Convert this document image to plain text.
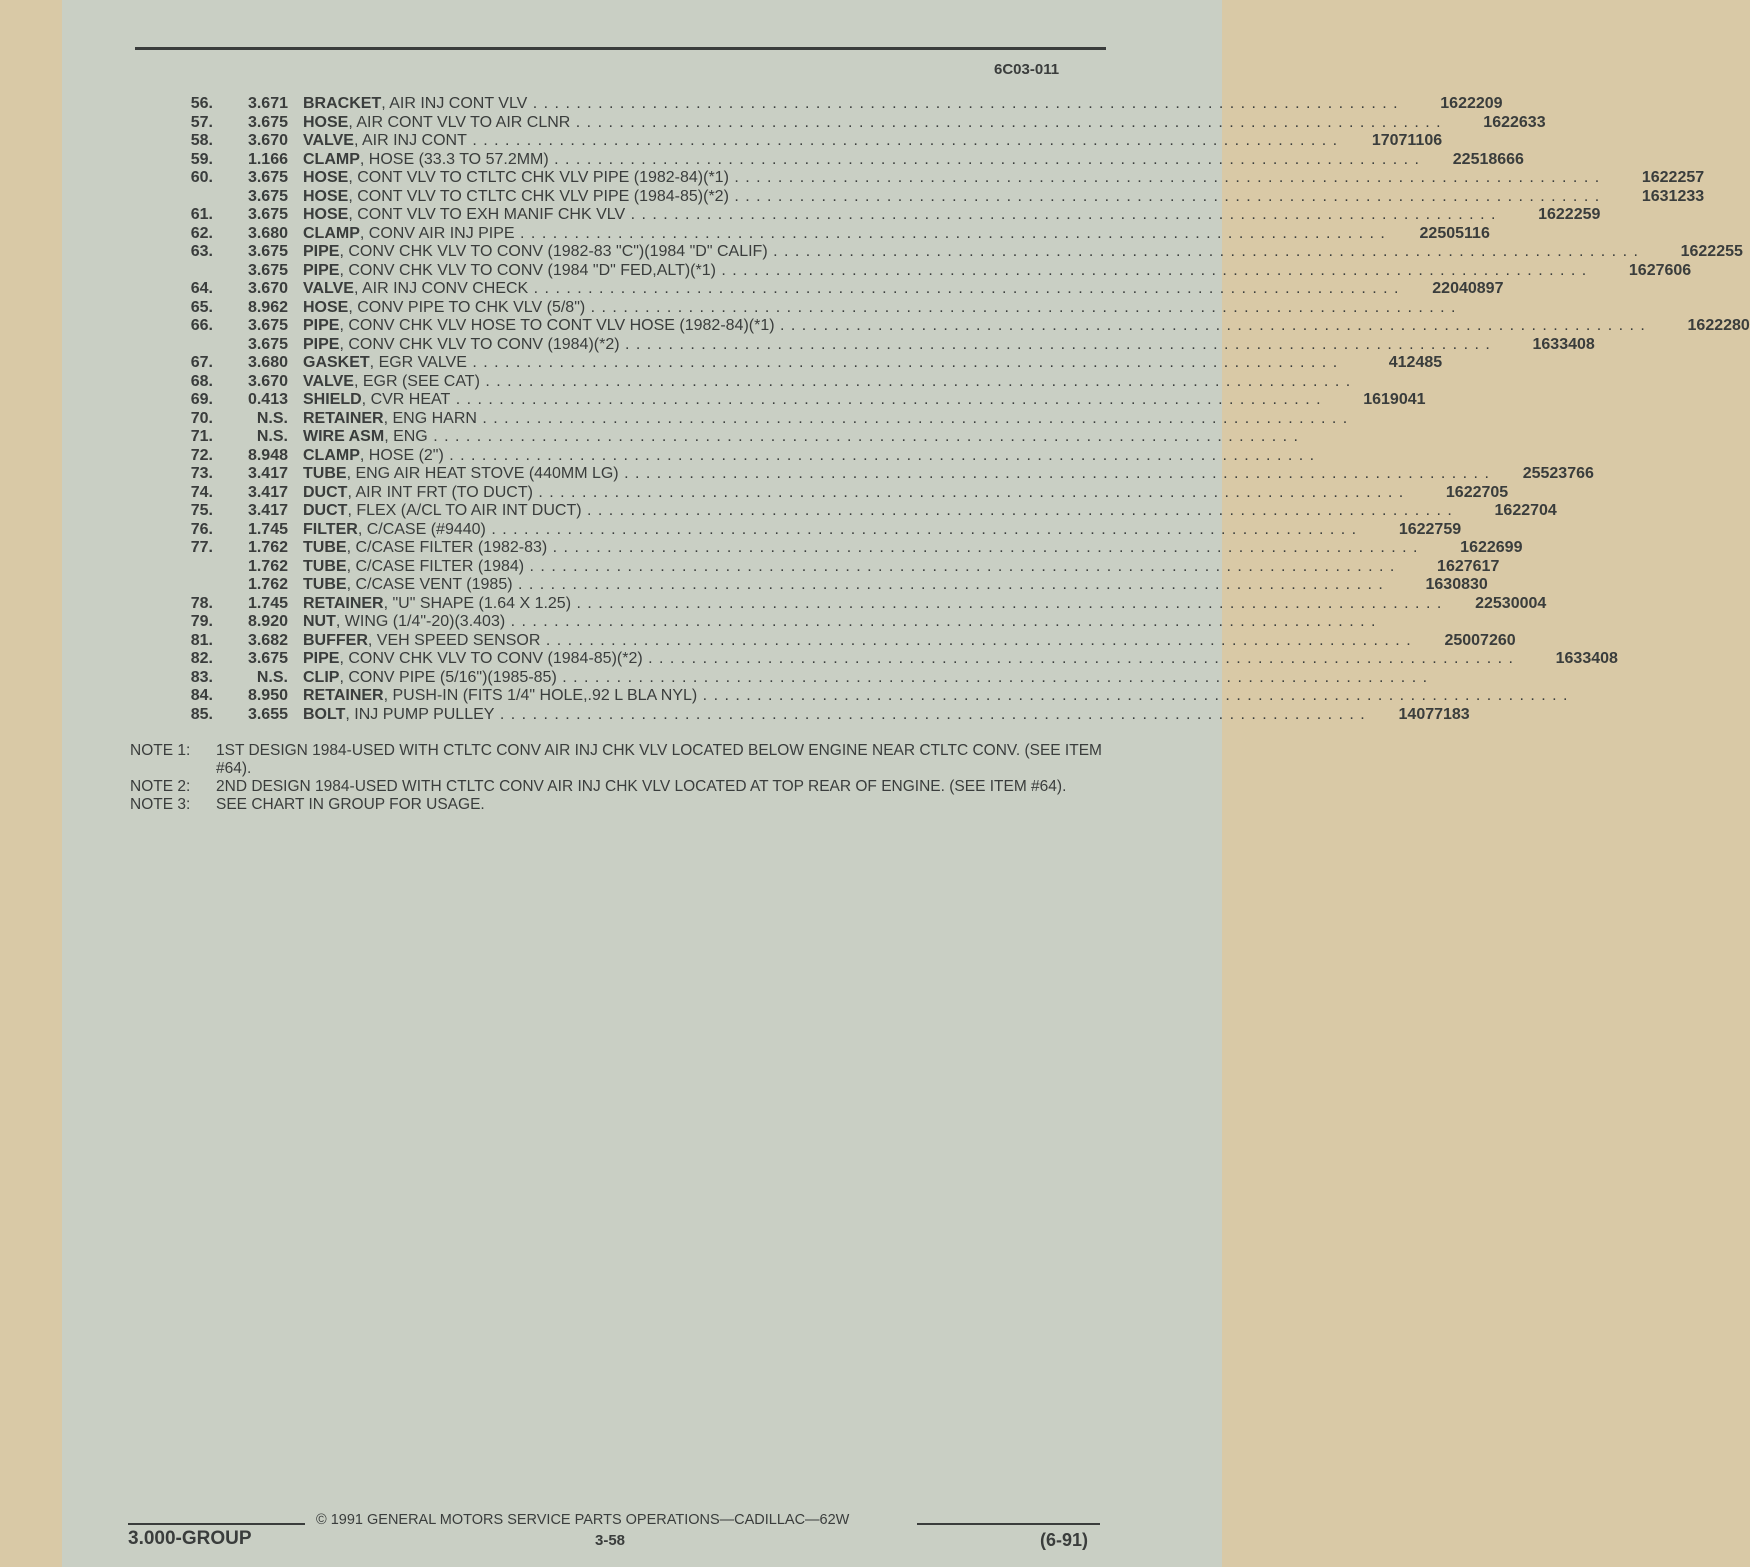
6C03-011
56.	3.671 BRACKET, AIR INJ CONT VLV . . . . . . . . . . . . . . . . . . . . . . . . . . . . . . . . . . . . . . . . . . . . . . . . . . . . . . . . . . . . . . . . . . . . . . . . . . . . . . . .	1622209
57.	3.675 HOSE, AIR CONT VLV TO AIR CLNR . . . . . . . . . . . . . . . . . . . . . . . . . . . . . . . . . . . . . . . . . . . . . . . . . . . . . . . . . . . . . . . . . . . . . . . . . . . . . . . .	1622633
58.	3.670 VALVE, AIR INJ CONT . . . . . . . . . . . . . . . . . . . . . . . . . . . . . . . . . . . . . . . . . . . . . . . . . . . . . . . . . . . . . . . . . . . . . . . . . . . . . . . .	17071106
59.	1.166 CLAMP, HOSE (33.3 TO 57.2MM) . . . . . . . . . . . . . . . . . . . . . . . . . . . . . . . . . . . . . . . . . . . . . . . . . . . . . . . . . . . . . . . . . . . . . . . . . . . . . . . .	22518666
60.	3.675 HOSE, CONT VLV TO CTLTC CHK VLV PIPE (1982-84)(*1) . . . . . . . . . . . . . . . . . . . . . . . . . . . . . . . . . . . . . . . . . . . . . . . . . . . . . . . . . . . . . . . . . . . . . . . . . . . . . . . .	1622257
3.675 HOSE, CONT VLV TO CTLTC CHK VLV PIPE (1984-85)(*2) . . . . . . . . . . . . . . . . . . . . . . . . . . . . . . . . . . . . . . . . . . . . . . . . . . . . . . . . . . . . . . . . . . . . . . . . . . . . . . . .	1631233
61.	3.675 HOSE, CONT VLV TO EXH MANIF CHK VLV . . . . . . . . . . . . . . . . . . . . . . . . . . . . . . . . . . . . . . . . . . . . . . . . . . . . . . . . . . . . . . . . . . . . . . . . . . . . . . . .	1622259
62.	3.680 CLAMP, CONV AIR INJ PIPE . . . . . . . . . . . . . . . . . . . . . . . . . . . . . . . . . . . . . . . . . . . . . . . . . . . . . . . . . . . . . . . . . . . . . . . . . . . . . . . .	22505116
63.	3.675 PIPE, CONV CHK VLV TO CONV (1982-83 "C")(1984 "D" CALIF) . . . . . . . . . . . . . . . . . . . . . . . . . . . . . . . . . . . . . . . . . . . . . . . . . . . . . . . . . . . . . . . . . . . . . . . . . . . . . . . .	1622255
3.675 PIPE, CONV CHK VLV TO CONV (1984 "D" FED,ALT)(*1) . . . . . . . . . . . . . . . . . . . . . . . . . . . . . . . . . . . . . . . . . . . . . . . . . . . . . . . . . . . . . . . . . . . . . . . . . . . . . . . .	1627606
64.	3.670 VALVE, AIR INJ CONV CHECK . . . . . . . . . . . . . . . . . . . . . . . . . . . . . . . . . . . . . . . . . . . . . . . . . . . . . . . . . . . . . . . . . . . . . . . . . . . . . . . .	22040897
65.	8.962 HOSE, CONV PIPE TO CHK VLV (5/8") . . . . . . . . . . . . . . . . . . . . . . . . . . . . . . . . . . . . . . . . . . . . . . . . . . . . . . . . . . . . . . . . . . . . . . . . . . . . . . . .
66.	3.675 PIPE, CONV CHK VLV HOSE TO CONT VLV HOSE (1982-84)(*1) . . . . . . . . . . . . . . . . . . . . . . . . . . . . . . . . . . . . . . . . . . . . . . . . . . . . . . . . . . . . . . . . . . . . . . . . . . . . . . . .	1622280
3.675 PIPE, CONV CHK VLV TO CONV (1984)(*2) . . . . . . . . . . . . . . . . . . . . . . . . . . . . . . . . . . . . . . . . . . . . . . . . . . . . . . . . . . . . . . . . . . . . . . . . . . . . . . . .	1633408
67.	3.680 GASKET, EGR VALVE . . . . . . . . . . . . . . . . . . . . . . . . . . . . . . . . . . . . . . . . . . . . . . . . . . . . . . . . . . . . . . . . . . . . . . . . . . . . . . . .	412485
68.	3.670 VALVE, EGR (SEE CAT) . . . . . . . . . . . . . . . . . . . . . . . . . . . . . . . . . . . . . . . . . . . . . . . . . . . . . . . . . . . . . . . . . . . . . . . . . . . . . . . .
69.	0.413 SHIELD, CVR HEAT . . . . . . . . . . . . . . . . . . . . . . . . . . . . . . . . . . . . . . . . . . . . . . . . . . . . . . . . . . . . . . . . . . . . . . . . . . . . . . . .	1619041
70.	N.S. RETAINER, ENG HARN . . . . . . . . . . . . . . . . . . . . . . . . . . . . . . . . . . . . . . . . . . . . . . . . . . . . . . . . . . . . . . . . . . . . . . . . . . . . . . . .
71.	N.S. WIRE ASM, ENG . . . . . . . . . . . . . . . . . . . . . . . . . . . . . . . . . . . . . . . . . . . . . . . . . . . . . . . . . . . . . . . . . . . . . . . . . . . . . . . .
72.	8.948 CLAMP, HOSE (2") . . . . . . . . . . . . . . . . . . . . . . . . . . . . . . . . . . . . . . . . . . . . . . . . . . . . . . . . . . . . . . . . . . . . . . . . . . . . . . . .
73.	3.417 TUBE, ENG AIR HEAT STOVE (440MM LG) . . . . . . . . . . . . . . . . . . . . . . . . . . . . . . . . . . . . . . . . . . . . . . . . . . . . . . . . . . . . . . . . . . . . . . . . . . . . . . . .	25523766
74.	3.417 DUCT, AIR INT FRT (TO DUCT) . . . . . . . . . . . . . . . . . . . . . . . . . . . . . . . . . . . . . . . . . . . . . . . . . . . . . . . . . . . . . . . . . . . . . . . . . . . . . . . .	1622705
75.	3.417 DUCT, FLEX (A/CL TO AIR INT DUCT) . . . . . . . . . . . . . . . . . . . . . . . . . . . . . . . . . . . . . . . . . . . . . . . . . . . . . . . . . . . . . . . . . . . . . . . . . . . . . . . .	1622704
76.	1.745 FILTER, C/CASE (#9440) . . . . . . . . . . . . . . . . . . . . . . . . . . . . . . . . . . . . . . . . . . . . . . . . . . . . . . . . . . . . . . . . . . . . . . . . . . . . . . . .	1622759
77.	1.762 TUBE, C/CASE FILTER (1982-83) . . . . . . . . . . . . . . . . . . . . . . . . . . . . . . . . . . . . . . . . . . . . . . . . . . . . . . . . . . . . . . . . . . . . . . . . . . . . . . . .	1622699
1.762 TUBE, C/CASE FILTER (1984) . . . . . . . . . . . . . . . . . . . . . . . . . . . . . . . . . . . . . . . . . . . . . . . . . . . . . . . . . . . . . . . . . . . . . . . . . . . . . . . .	1627617
1.762 TUBE, C/CASE VENT (1985) . . . . . . . . . . . . . . . . . . . . . . . . . . . . . . . . . . . . . . . . . . . . . . . . . . . . . . . . . . . . . . . . . . . . . . . . . . . . . . . .	1630830
78.	1.745 RETAINER, "U" SHAPE (1.64 X 1.25) . . . . . . . . . . . . . . . . . . . . . . . . . . . . . . . . . . . . . . . . . . . . . . . . . . . . . . . . . . . . . . . . . . . . . . . . . . . . . . . .	22530004
79.	8.920 NUT, WING (1/4"-20)(3.403) . . . . . . . . . . . . . . . . . . . . . . . . . . . . . . . . . . . . . . . . . . . . . . . . . . . . . . . . . . . . . . . . . . . . . . . . . . . . . . . .
81.	3.682 BUFFER, VEH SPEED SENSOR . . . . . . . . . . . . . . . . . . . . . . . . . . . . . . . . . . . . . . . . . . . . . . . . . . . . . . . . . . . . . . . . . . . . . . . . . . . . . . . .	25007260
82.	3.675 PIPE, CONV CHK VLV TO CONV (1984-85)(*2) . . . . . . . . . . . . . . . . . . . . . . . . . . . . . . . . . . . . . . . . . . . . . . . . . . . . . . . . . . . . . . . . . . . . . . . . . . . . . . . .	1633408
83.	N.S. CLIP, CONV PIPE (5/16")(1985-85) . . . . . . . . . . . . . . . . . . . . . . . . . . . . . . . . . . . . . . . . . . . . . . . . . . . . . . . . . . . . . . . . . . . . . . . . . . . . . . . .
84.	8.950 RETAINER, PUSH-IN (FITS 1/4" HOLE,.92 L BLA NYL) . . . . . . . . . . . . . . . . . . . . . . . . . . . . . . . . . . . . . . . . . . . . . . . . . . . . . . . . . . . . . . . . . . . . . . . . . . . . . . . .
85.	3.655 BOLT, INJ PUMP PULLEY . . . . . . . . . . . . . . . . . . . . . . . . . . . . . . . . . . . . . . . . . . . . . . . . . . . . . . . . . . . . . . . . . . . . . . . . . . . . . . . .	14077183
NOTE 1:	1ST DESIGN 1984-USED WITH CTLTC CONV AIR INJ CHK VLV LOCATED BELOW ENGINE NEAR CTLTC CONV. (SEE ITEM #64).
NOTE 2:	2ND DESIGN 1984-USED WITH CTLTC CONV AIR INJ CHK VLV LOCATED AT TOP REAR OF ENGINE. (SEE ITEM #64).
NOTE 3:	SEE CHART IN GROUP FOR USAGE.
© 1991 GENERAL MOTORS SERVICE PARTS OPERATIONS—CADILLAC—62W
3.000-GROUP	3-58	(6-91)
